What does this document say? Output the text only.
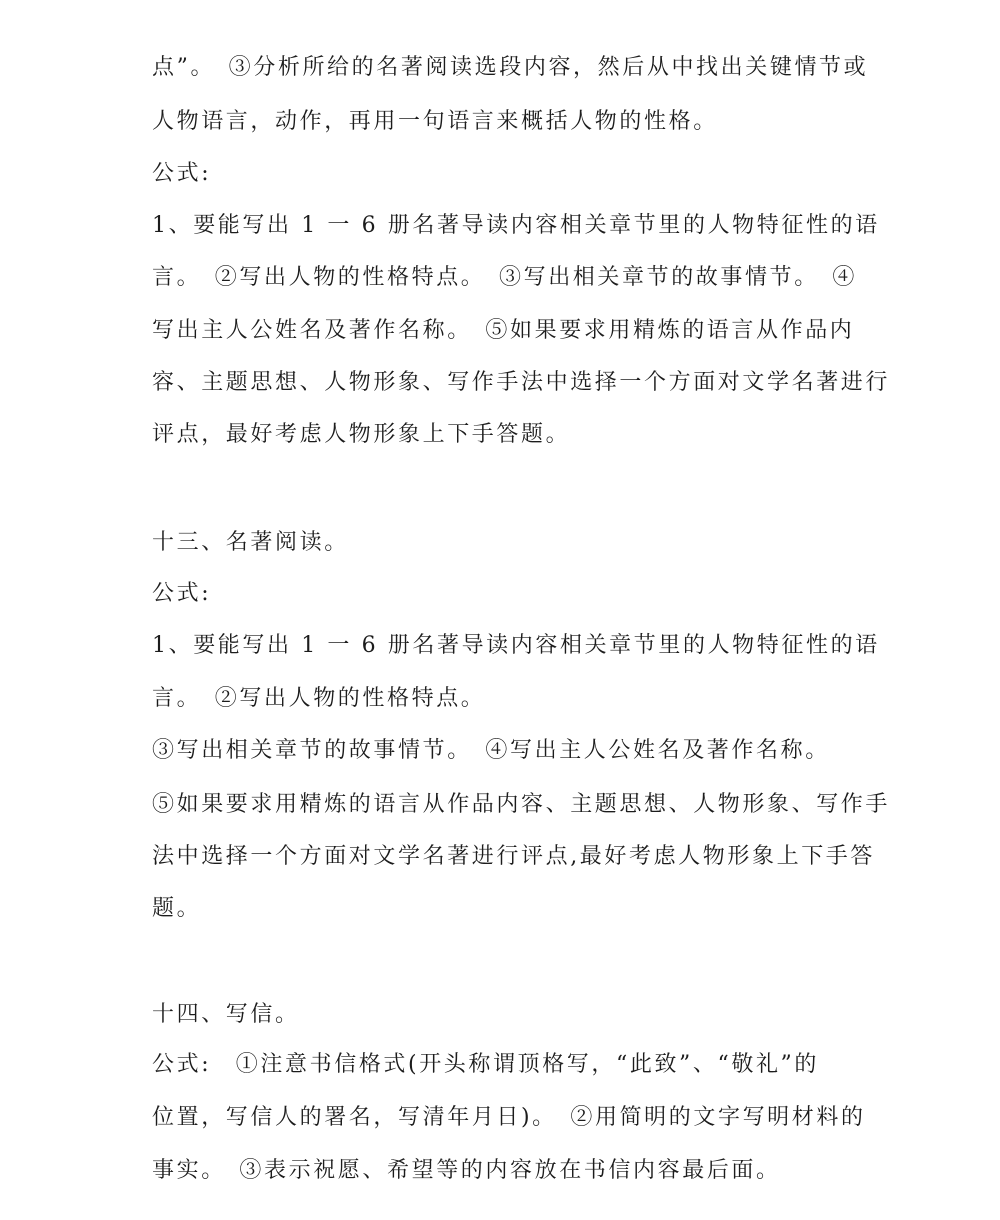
点”。　③分析所给的名著阅读选段内容，然后从中找出关键情节或
人物语言，动作，再用一句语言来概括人物的性格。
公式:
1、要能写出 1 一 6 册名著导读内容相关章节里的人物特征性的语
言。　②写出人物的性格特点。　③写出相关章节的故事情节。　④
写出主人公姓名及著作名称。　⑤如果要求用精炼的语言从作品内
容、主题思想、人物形象、写作手法中选择一个方面对文学名著进行
评点，最好考虑人物形象上下手答题。
十三、名著阅读。
公式:
1、要能写出 1 一 6 册名著导读内容相关章节里的人物特征性的语
言。　②写出人物的性格特点。
③写出相关章节的故事情节。　④写出主人公姓名及著作名称。
⑤如果要求用精炼的语言从作品内容、主题思想、人物形象、写作手
法中选择一个方面对文学名著进行评点,最好考虑人物形象上下手答
题。
十四、写信。
公式:　①注意书信格式(开头称谓顶格写，“此致”、“敬礼”的
位置，写信人的署名，写清年月日)。　②用简明的文字写明材料的
事实。　③表示祝愿、希望等的内容放在书信内容最后面。
